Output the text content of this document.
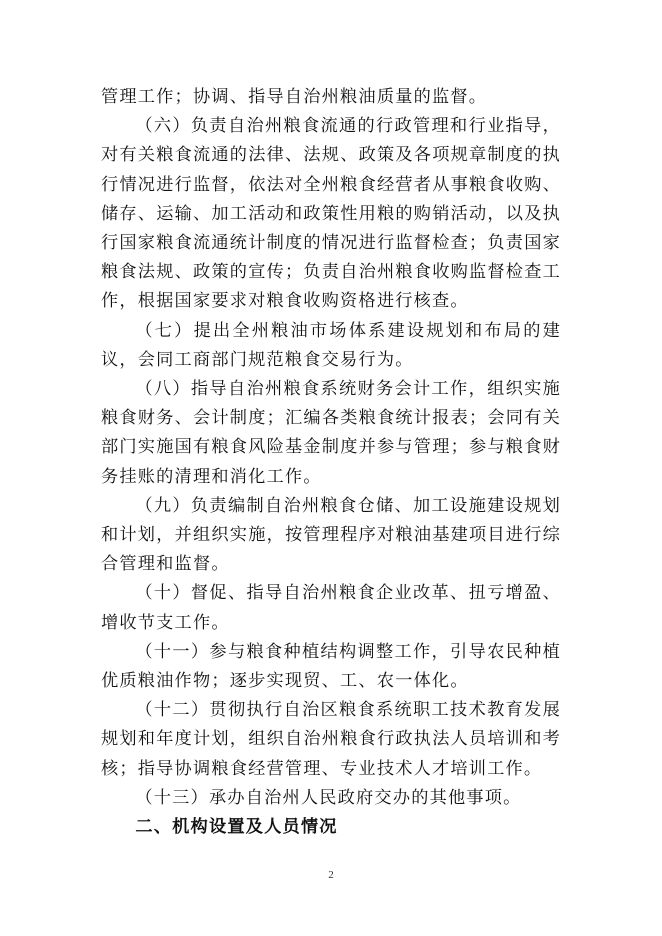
管理工作；协调、指导自治州粮油质量的监督。

（六）负责自治州粮食流通的行政管理和行业指导，对有关粮食流通的法律、法规、政策及各项规章制度的执行情况进行监督，依法对全州粮食经营者从事粮食收购、储存、运输、加工活动和政策性用粮的购销活动，以及执行国家粮食流通统计制度的情况进行监督检查；负责国家粮食法规、政策的宣传；负责自治州粮食收购监督检查工作，根据国家要求对粮食收购资格进行核查。

（七）提出全州粮油市场体系建设规划和布局的建议，会同工商部门规范粮食交易行为。

（八）指导自治州粮食系统财务会计工作，组织实施粮食财务、会计制度；汇编各类粮食统计报表；会同有关部门实施国有粮食风险基金制度并参与管理；参与粮食财务挂账的清理和消化工作。

（九）负责编制自治州粮食仓储、加工设施建设规划和计划，并组织实施，按管理程序对粮油基建项目进行综合管理和监督。

（十）督促、指导自治州粮食企业改革、扭亏增盈、增收节支工作。

（十一）参与粮食种植结构调整工作，引导农民种植优质粮油作物；逐步实现贸、工、农一体化。

（十二）贯彻执行自治区粮食系统职工技术教育发展规划和年度计划，组织自治州粮食行政执法人员培训和考核；指导协调粮食经营管理、专业技术人才培训工作。

（十三）承办自治州人民政府交办的其他事项。

二、机构设置及人员情况

2
